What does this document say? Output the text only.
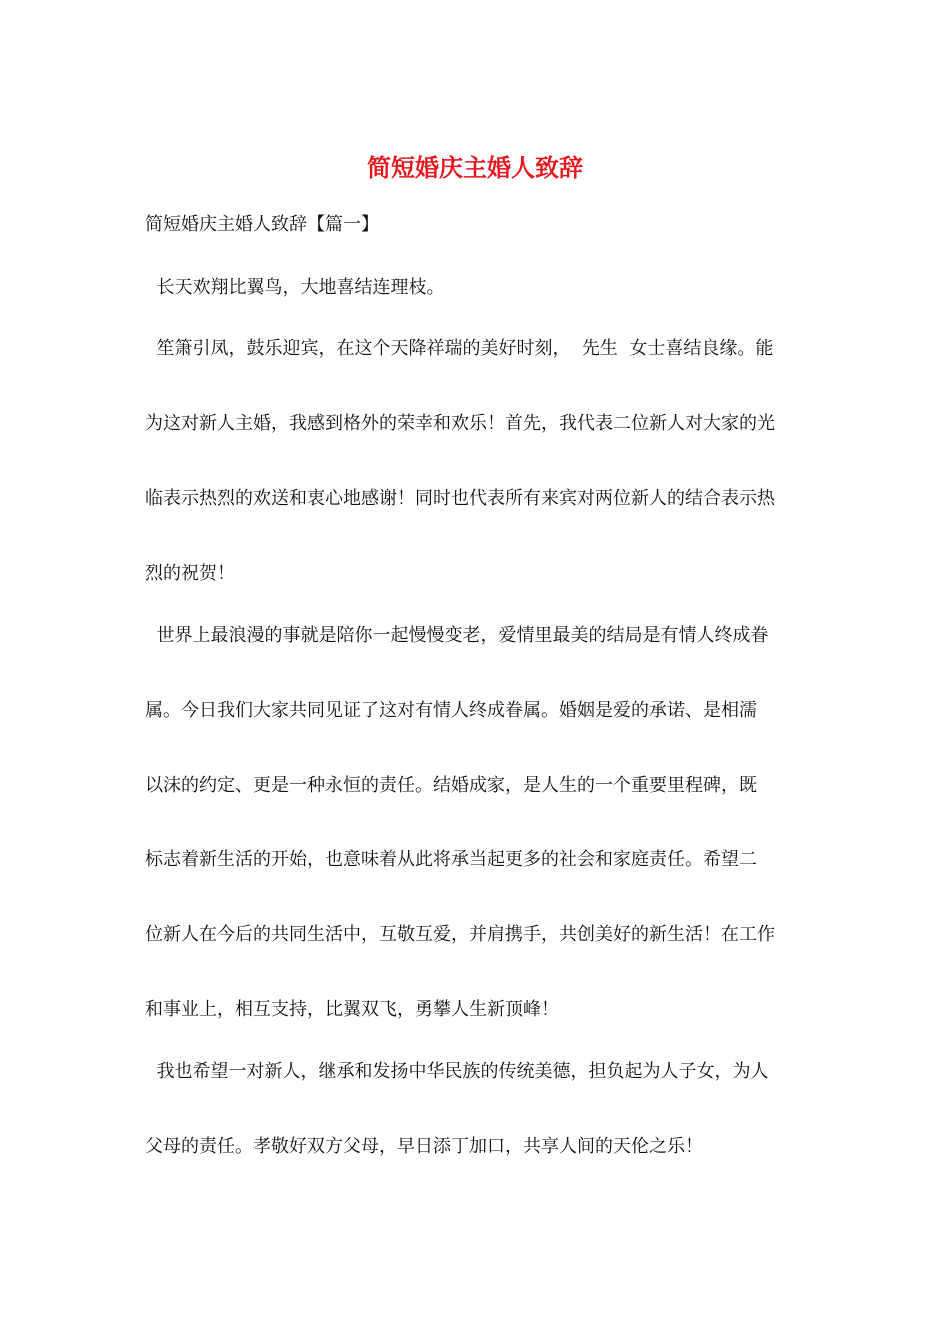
简短婚庆主婚人致辞
简短婚庆主婚人致辞【篇一】
长天欢翔比翼鸟，大地喜结连理枝。
笙箫引凤，鼓乐迎宾，在这个天降祥瑞的美好时刻，  先生  女士喜结良缘。能
为这对新人主婚，我感到格外的荣幸和欢乐！首先，我代表二位新人对大家的光
临表示热烈的欢送和衷心地感谢！同时也代表所有来宾对两位新人的结合表示热
烈的祝贺！
世界上最浪漫的事就是陪你一起慢慢变老，爱情里最美的结局是有情人终成眷
属。今日我们大家共同见证了这对有情人终成眷属。婚姻是爱的承诺、是相濡
以沫的约定、更是一种永恒的责任。结婚成家，是人生的一个重要里程碑，既
标志着新生活的开始，也意味着从此将承当起更多的社会和家庭责任。希望二
位新人在今后的共同生活中，互敬互爱，并肩携手，共创美好的新生活！在工作
和事业上，相互支持，比翼双飞，勇攀人生新顶峰！
我也希望一对新人，继承和发扬中华民族的传统美德，担负起为人子女，为人
父母的责任。孝敬好双方父母，早日添丁加口，共享人间的天伦之乐！
